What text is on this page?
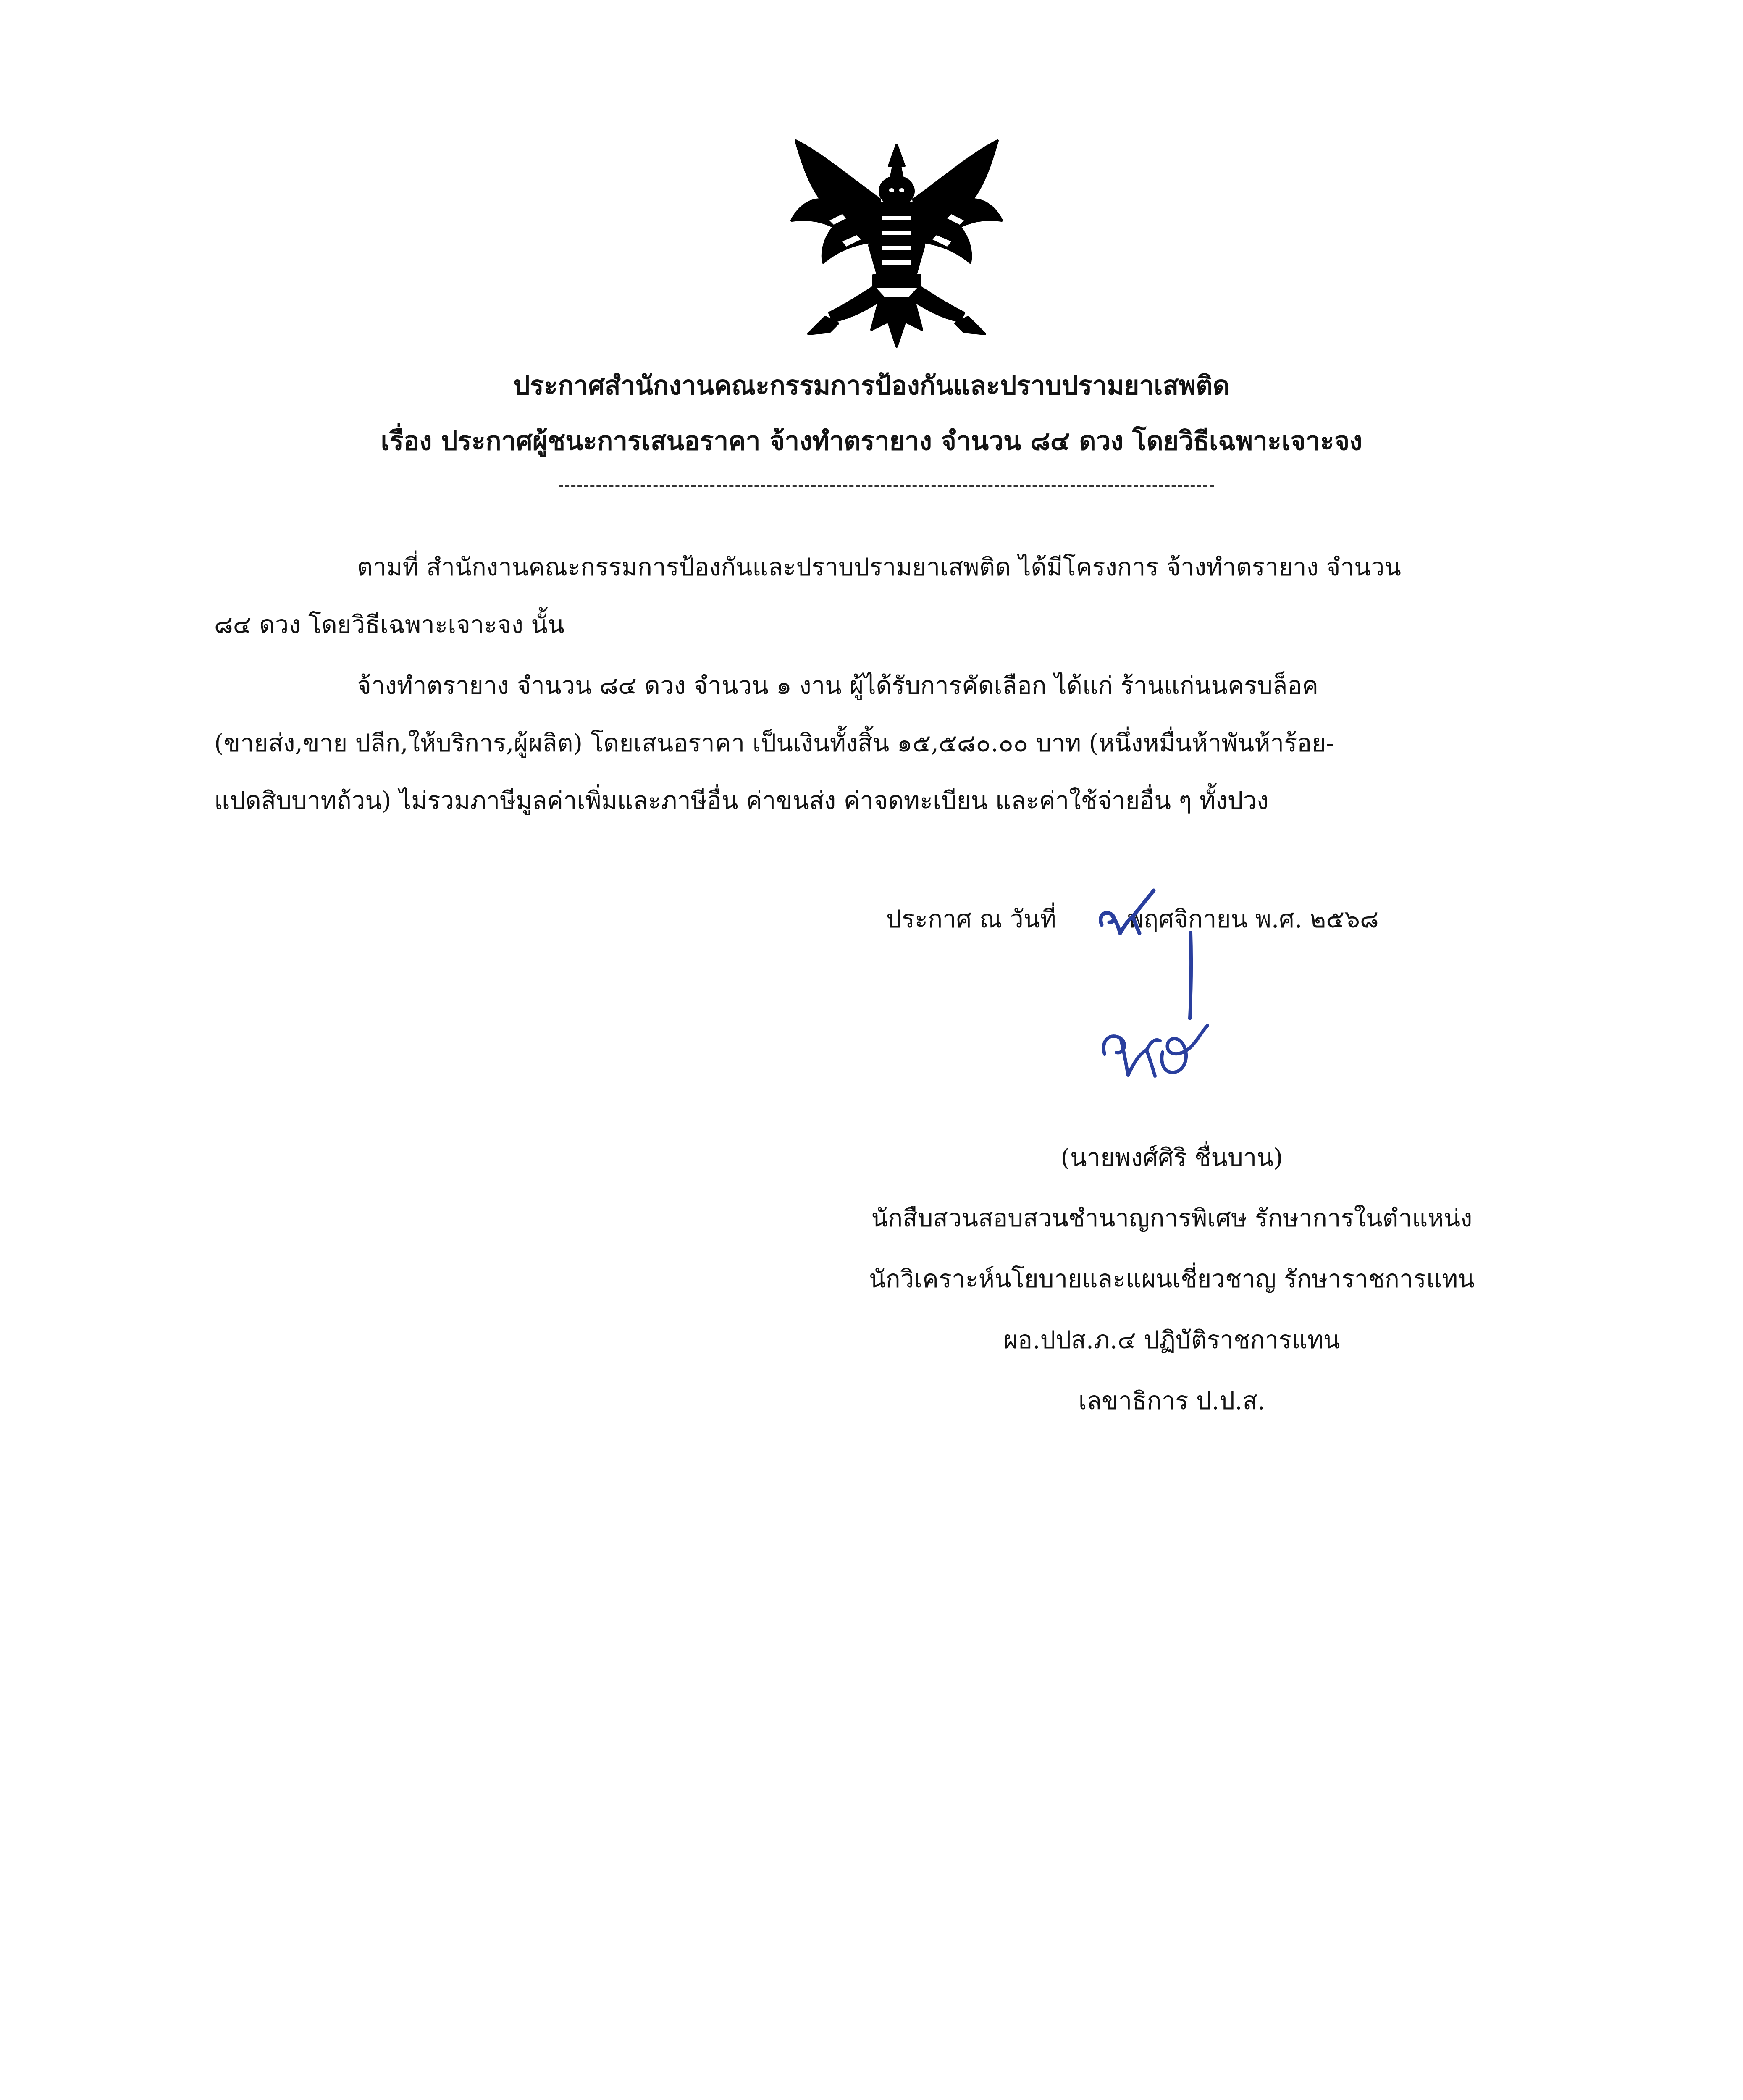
ประกาศสำนักงานคณะกรรมการป้องกันและปราบปรามยาเสพติด
เรื่อง ประกาศผู้ชนะการเสนอราคา จ้างทำตรายาง จำนวน ๘๔ ดวง โดยวิธีเฉพาะเจาะจง
ตามที่ สำนักงานคณะกรรมการป้องกันและปราบปรามยาเสพติด ได้มีโครงการ จ้างทำตรายาง จำนวน
๘๔ ดวง โดยวิธีเฉพาะเจาะจง นั้น
จ้างทำตรายาง จำนวน ๘๔ ดวง จำนวน ๑ งาน ผู้ได้รับการคัดเลือก ได้แก่ ร้านแก่นนครบล็อค
(ขายส่ง,ขาย ปลีก,ให้บริการ,ผู้ผลิต) โดยเสนอราคา เป็นเงินทั้งสิ้น ๑๕,๕๘๐.๐๐ บาท (หนึ่งหมื่นห้าพันห้าร้อย-
แปดสิบบาทถ้วน) ไม่รวมภาษีมูลค่าเพิ่มและภาษีอื่น ค่าขนส่ง ค่าจดทะเบียน และค่าใช้จ่ายอื่น ๆ ทั้งปวง
ประกาศ ณ วันที่	พฤศจิกายน พ.ศ. ๒๕๖๘
(นายพงศ์ศิริ ชื่นบาน)
นักสืบสวนสอบสวนชำนาญการพิเศษ รักษาการในตำแหน่ง
นักวิเคราะห์นโยบายและแผนเชี่ยวชาญ รักษาราชการแทน
ผอ.ปปส.ภ.๔ ปฏิบัติราชการแทน
เลขาธิการ ป.ป.ส.
